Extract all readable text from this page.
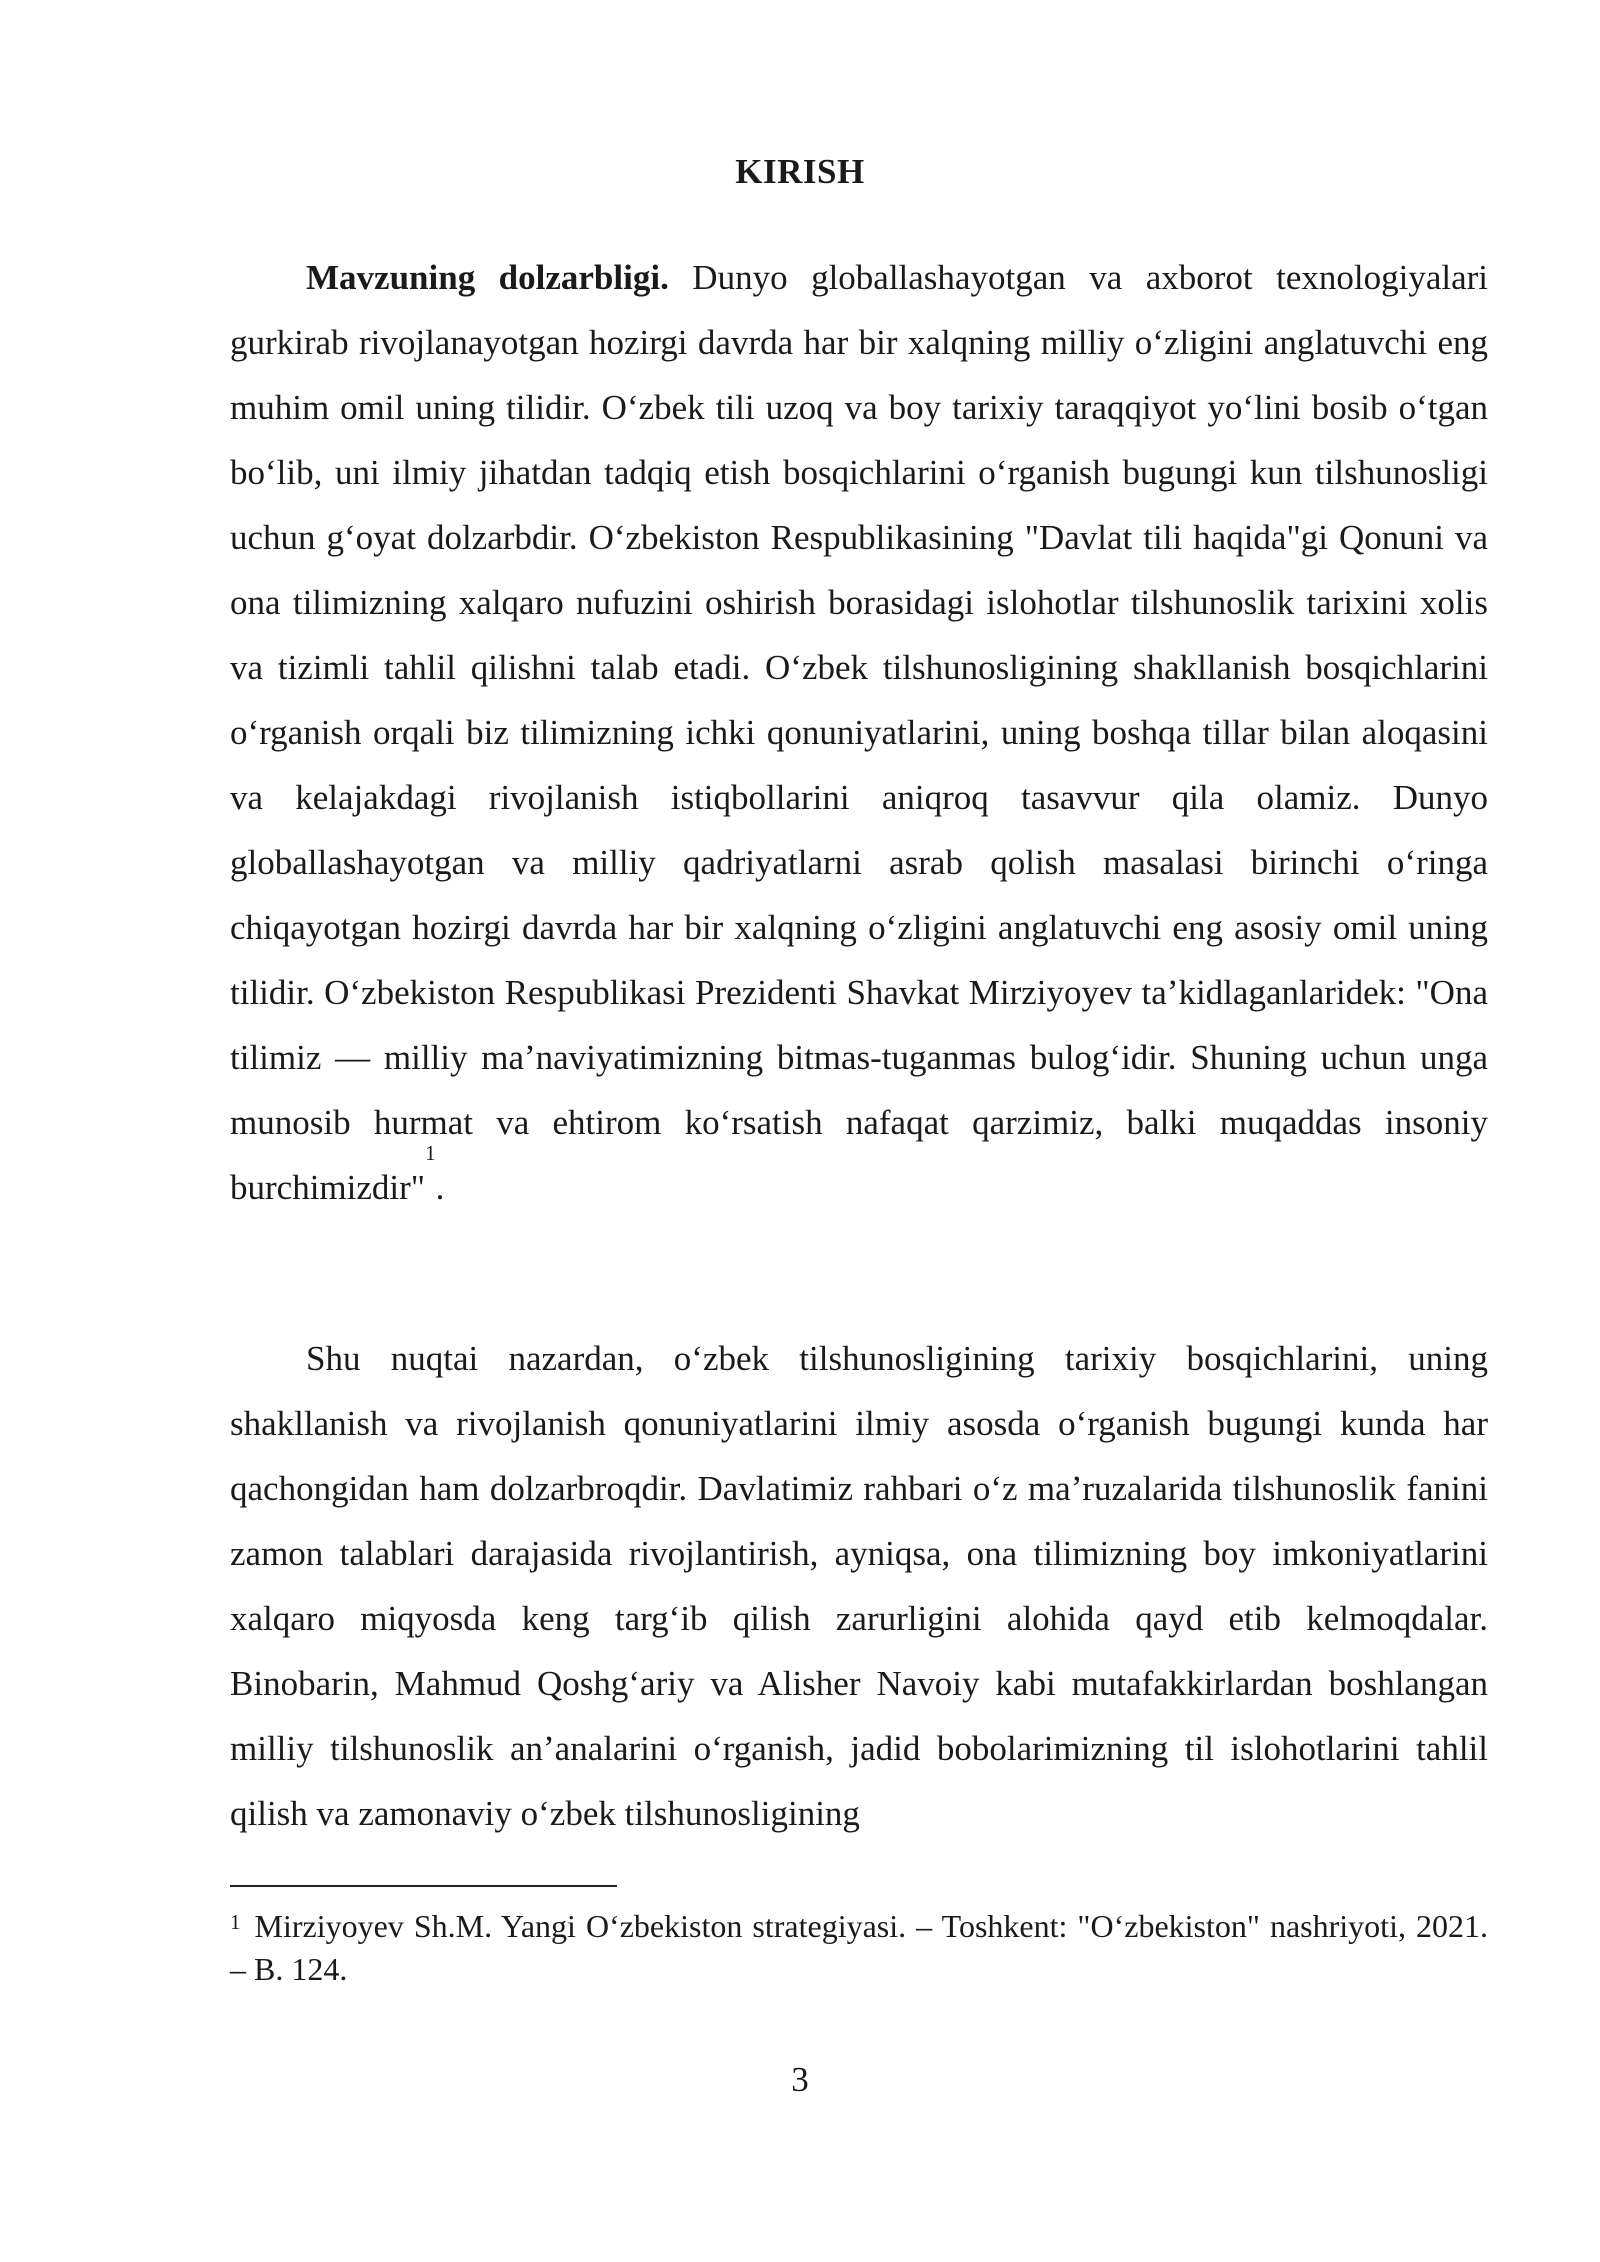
KIRISH

Mavzuning dolzarbligi. Dunyo globallashayotgan va axborot texnologiyalari gurkirab rivojlanayotgan hozirgi davrda har bir xalqning milliy oʻzligini anglatuvchi eng muhim omil uning tilidir. Oʻzbek tili uzoq va boy tarixiy taraqqiyot yoʻlini bosib oʻtgan boʻlib, uni ilmiy jihatdan tadqiq etish bosqichlarini oʻrganish bugungi kun tilshunosligi uchun gʻoyat dolzarbdir. Oʻzbekiston Respublikasining "Davlat tili haqida"gi Qonuni va ona tilimizning xalqaro nufuzini oshirish borasidagi islohotlar tilshunoslik tarixini xolis va tizimli tahlil qilishni talab etadi. Oʻzbek tilshunosligining shakllanish bosqichlarini oʻrganish orqali biz tilimizning ichki qonuniyatlarini, uning boshqa tillar bilan aloqasini va kelajakdagi rivojlanish istiqbollarini aniqroq tasavvur qila olamiz. Dunyo globallashayotgan va milliy qadriyatlarni asrab qolish masalasi birinchi oʻringa chiqayotgan hozirgi davrda har bir xalqning oʻzligini anglatuvchi eng asosiy omil uning tilidir. Oʻzbekiston Respublikasi Prezidenti Shavkat Mirziyoyev taʼkidlaganlaridek: "Ona tilimiz — milliy maʼnaviyatimizning bitmas-tuganmas bulogʻidir. Shuning uchun unga munosib hurmat va ehtirom koʻrsatish nafaqat qarzimiz, balki muqaddas insoniy burchimizdir"$^1$.

Shu nuqtai nazardan, oʻzbek tilshunosligining tarixiy bosqichlarini, uning shakllanish va rivojlanish qonuniyatlarini ilmiy asosda oʻrganish bugungi kunda har qachongidan ham dolzarbroqdir. Davlatimiz rahbari oʻz maʼruzalarida tilshunoslik fanini zamon talablari darajasida rivojlantirish, ayniqsa, ona tilimizning boy imkoniyatlarini xalqaro miqyosda keng targʻib qilish zarurligini alohida qayd etib kelmoqdalar. Binobarin, Mahmud Qoshgʻariy va Alisher Navoiy kabi mutafakkirlardan boshlangan milliy tilshunoslik anʼanalarini oʻrganish, jadid bobolarimizning til islohotlarini tahlil qilish va zamonaviy oʻzbek tilshunosligining

$^1$ Mirziyoyev Sh.M. Yangi Oʻzbekiston strategiyasi. – Toshkent: "Oʻzbekiston" nashriyoti, 2021. – B. 124.

3
